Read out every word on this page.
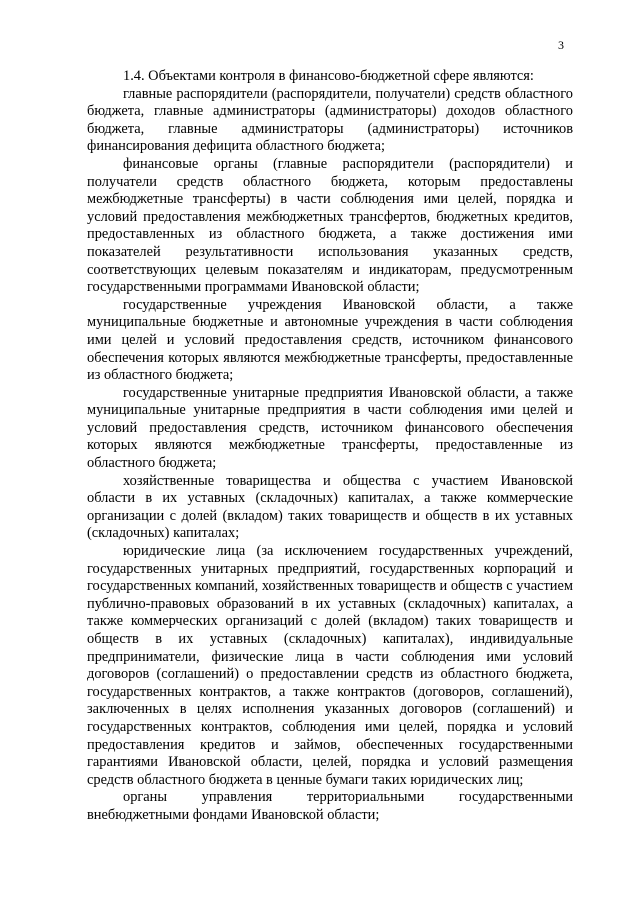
3

1.4. Объектами контроля в финансово-бюджетной сфере являются:

главные распорядители (распорядители, получатели) средств областного бюджета, главные администраторы (администраторы) доходов областного бюджета, главные администраторы (администраторы) источников финансирования дефицита областного бюджета;

финансовые органы (главные распорядители (распорядители) и получатели средств областного бюджета, которым предоставлены межбюджетные трансферты) в части соблюдения ими целей, порядка и условий предоставления межбюджетных трансфертов, бюджетных кредитов, предоставленных из областного бюджета, а также достижения ими показателей результативности использования указанных средств, соответствующих целевым показателям и индикаторам, предусмотренным государственными программами Ивановской области;

государственные учреждения Ивановской области, а также муниципальные бюджетные и автономные учреждения в части соблюдения ими целей и условий предоставления средств, источником финансового обеспечения которых являются межбюджетные трансферты, предоставленные из областного бюджета;

государственные унитарные предприятия Ивановской области, а также муниципальные унитарные предприятия в части соблюдения ими целей и условий предоставления средств, источником финансового обеспечения которых являются межбюджетные трансферты, предоставленные из областного бюджета;

хозяйственные товарищества и общества с участием Ивановской области в их уставных (складочных) капиталах, а также коммерческие организации с долей (вкладом) таких товариществ и обществ в их уставных (складочных) капиталах;

юридические лица (за исключением государственных учреждений, государственных унитарных предприятий, государственных корпораций и государственных компаний, хозяйственных товариществ и обществ с участием публично-правовых образований в их уставных (складочных) капиталах, а также коммерческих организаций с долей (вкладом) таких товариществ и обществ в их уставных (складочных) капиталах), индивидуальные предприниматели, физические лица в части соблюдения ими условий договоров (соглашений) о предоставлении средств из областного бюджета, государственных контрактов, а также контрактов (договоров, соглашений), заключенных в целях исполнения указанных договоров (соглашений) и государственных контрактов, соблюдения ими целей, порядка и условий предоставления кредитов и займов, обеспеченных государственными гарантиями Ивановской области, целей, порядка и условий размещения средств областного бюджета в ценные бумаги таких юридических лиц;

органы управления территориальными государственными внебюджетными фондами Ивановской области;
